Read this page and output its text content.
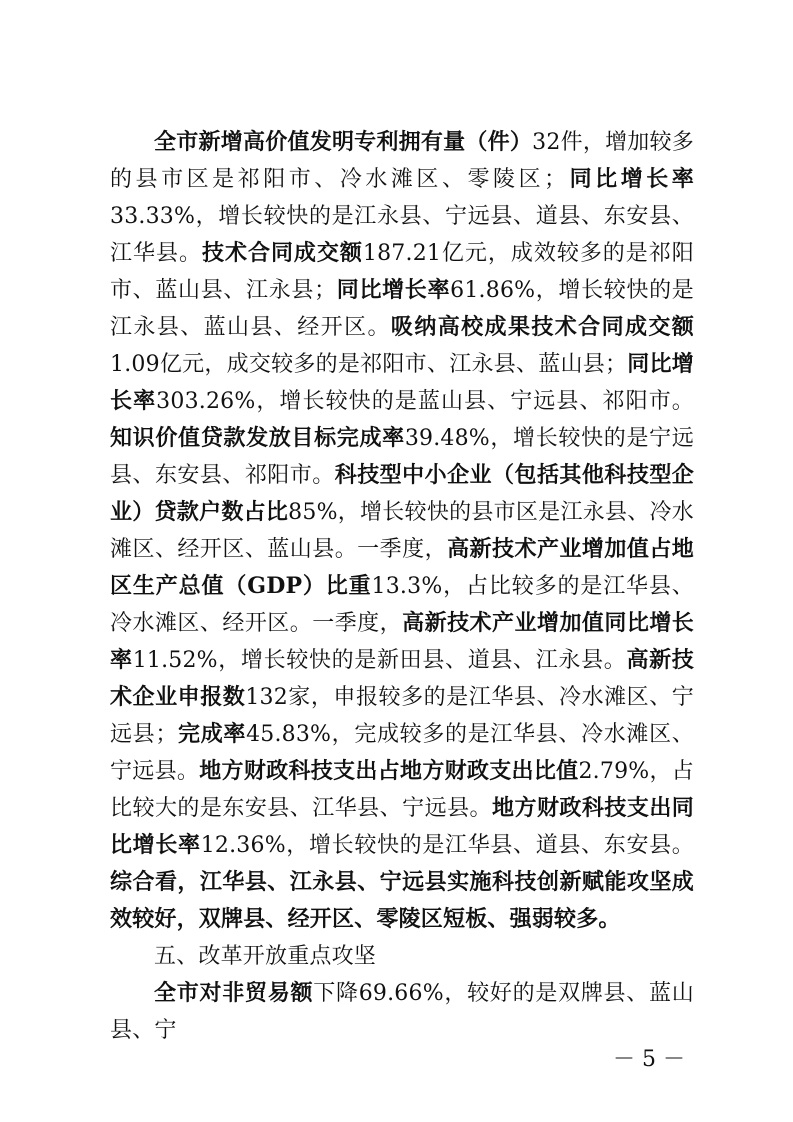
全市新增高价值发明专利拥有量（件）32件，增加较多的县市区是祁阳市、冷水滩区、零陵区；同比增长率33.33%，增长较快的是江永县、宁远县、道县、东安县、江华县。技术合同成交额187.21亿元，成效较多的是祁阳市、蓝山县、江永县；同比增长率61.86%，增长较快的是江永县、蓝山县、经开区。吸纳高校成果技术合同成交额1.09亿元，成交较多的是祁阳市、江永县、蓝山县；同比增长率303.26%，增长较快的是蓝山县、宁远县、祁阳市。知识价值贷款发放目标完成率39.48%，增长较快的是宁远县、东安县、祁阳市。科技型中小企业（包括其他科技型企业）贷款户数占比85%，增长较快的县市区是江永县、冷水滩区、经开区、蓝山县。一季度，高新技术产业增加值占地区生产总值（GDP）比重13.3%，占比较多的是江华县、冷水滩区、经开区。一季度，高新技术产业增加值同比增长率11.52%，增长较快的是新田县、道县、江永县。高新技术企业申报数132家，申报较多的是江华县、冷水滩区、宁远县；完成率45.83%，完成较多的是江华县、冷水滩区、宁远县。地方财政科技支出占地方财政支出比值2.79%，占比较大的是东安县、江华县、宁远县。地方财政科技支出同比增长率12.36%，增长较快的是江华县、道县、东安县。综合看，江华县、江永县、宁远县实施科技创新赋能攻坚成效较好，双牌县、经开区、零陵区短板、强弱较多。

五、改革开放重点攻坚

全市对非贸易额下降69.66%，较好的是双牌县、蓝山县、宁

－ 5 －
